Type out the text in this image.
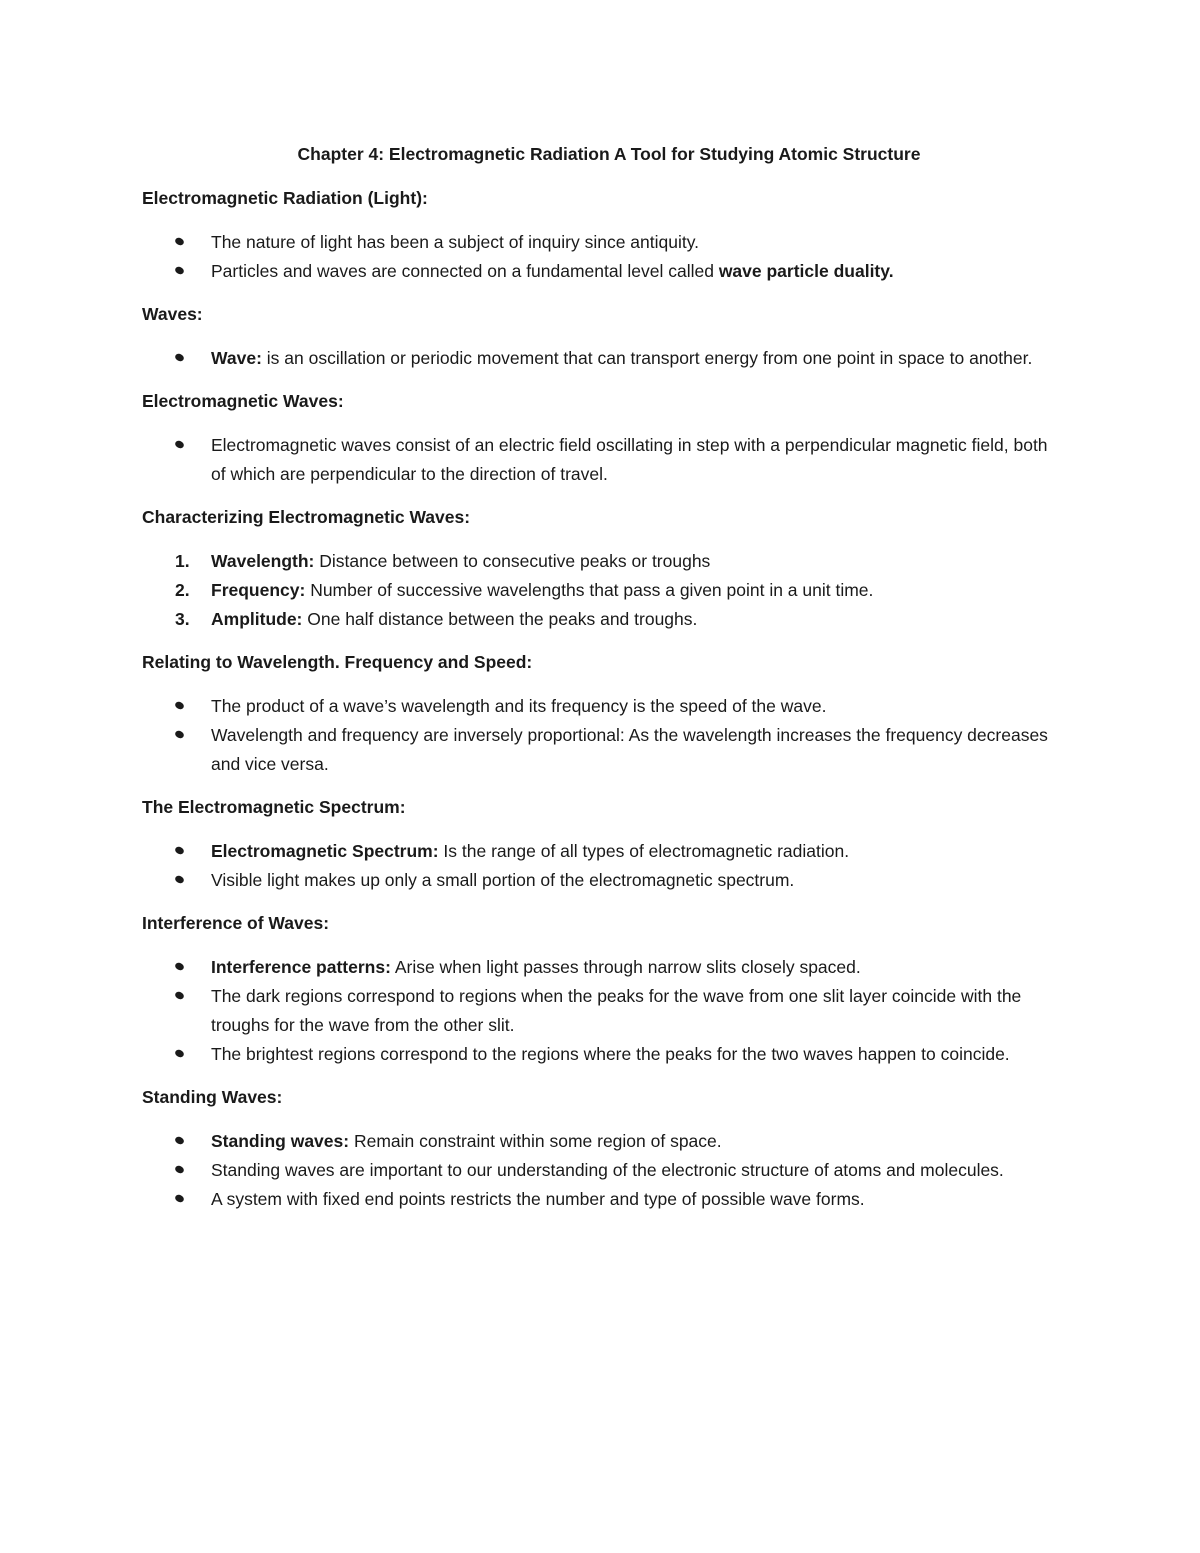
Chapter 4: Electromagnetic Radiation A Tool for Studying Atomic Structure
Electromagnetic Radiation (Light):
The nature of light has been a subject of inquiry since antiquity.
Particles and waves are connected on a fundamental level called wave particle duality.
Waves:
Wave: is an oscillation or periodic movement that can transport energy from one point in space to another.
Electromagnetic Waves:
Electromagnetic waves consist of an electric field oscillating in step with a perpendicular magnetic field, both of which are perpendicular to the direction of travel.
Characterizing Electromagnetic Waves:
1. Wavelength: Distance between to consecutive peaks or troughs
2. Frequency: Number of successive wavelengths that pass a given point in a unit time.
3. Amplitude: One half distance between the peaks and troughs.
Relating to Wavelength. Frequency and Speed:
The product of a wave’s wavelength and its frequency is the speed of the wave.
Wavelength and frequency are inversely proportional: As the wavelength increases the frequency decreases and vice versa.
The Electromagnetic Spectrum:
Electromagnetic Spectrum: Is the range of all types of electromagnetic radiation.
Visible light makes up only a small portion of the electromagnetic spectrum.
Interference of Waves:
Interference patterns: Arise when light passes through narrow slits closely spaced.
The dark regions correspond to regions when the peaks for the wave from one slit layer coincide with the troughs for the wave from the other slit.
The brightest regions correspond to the regions where the peaks for the two waves happen to coincide.
Standing Waves:
Standing waves: Remain constraint within some region of space.
Standing waves are important to our understanding of the electronic structure of atoms and molecules.
A system with fixed end points restricts the number and type of possible wave forms.
